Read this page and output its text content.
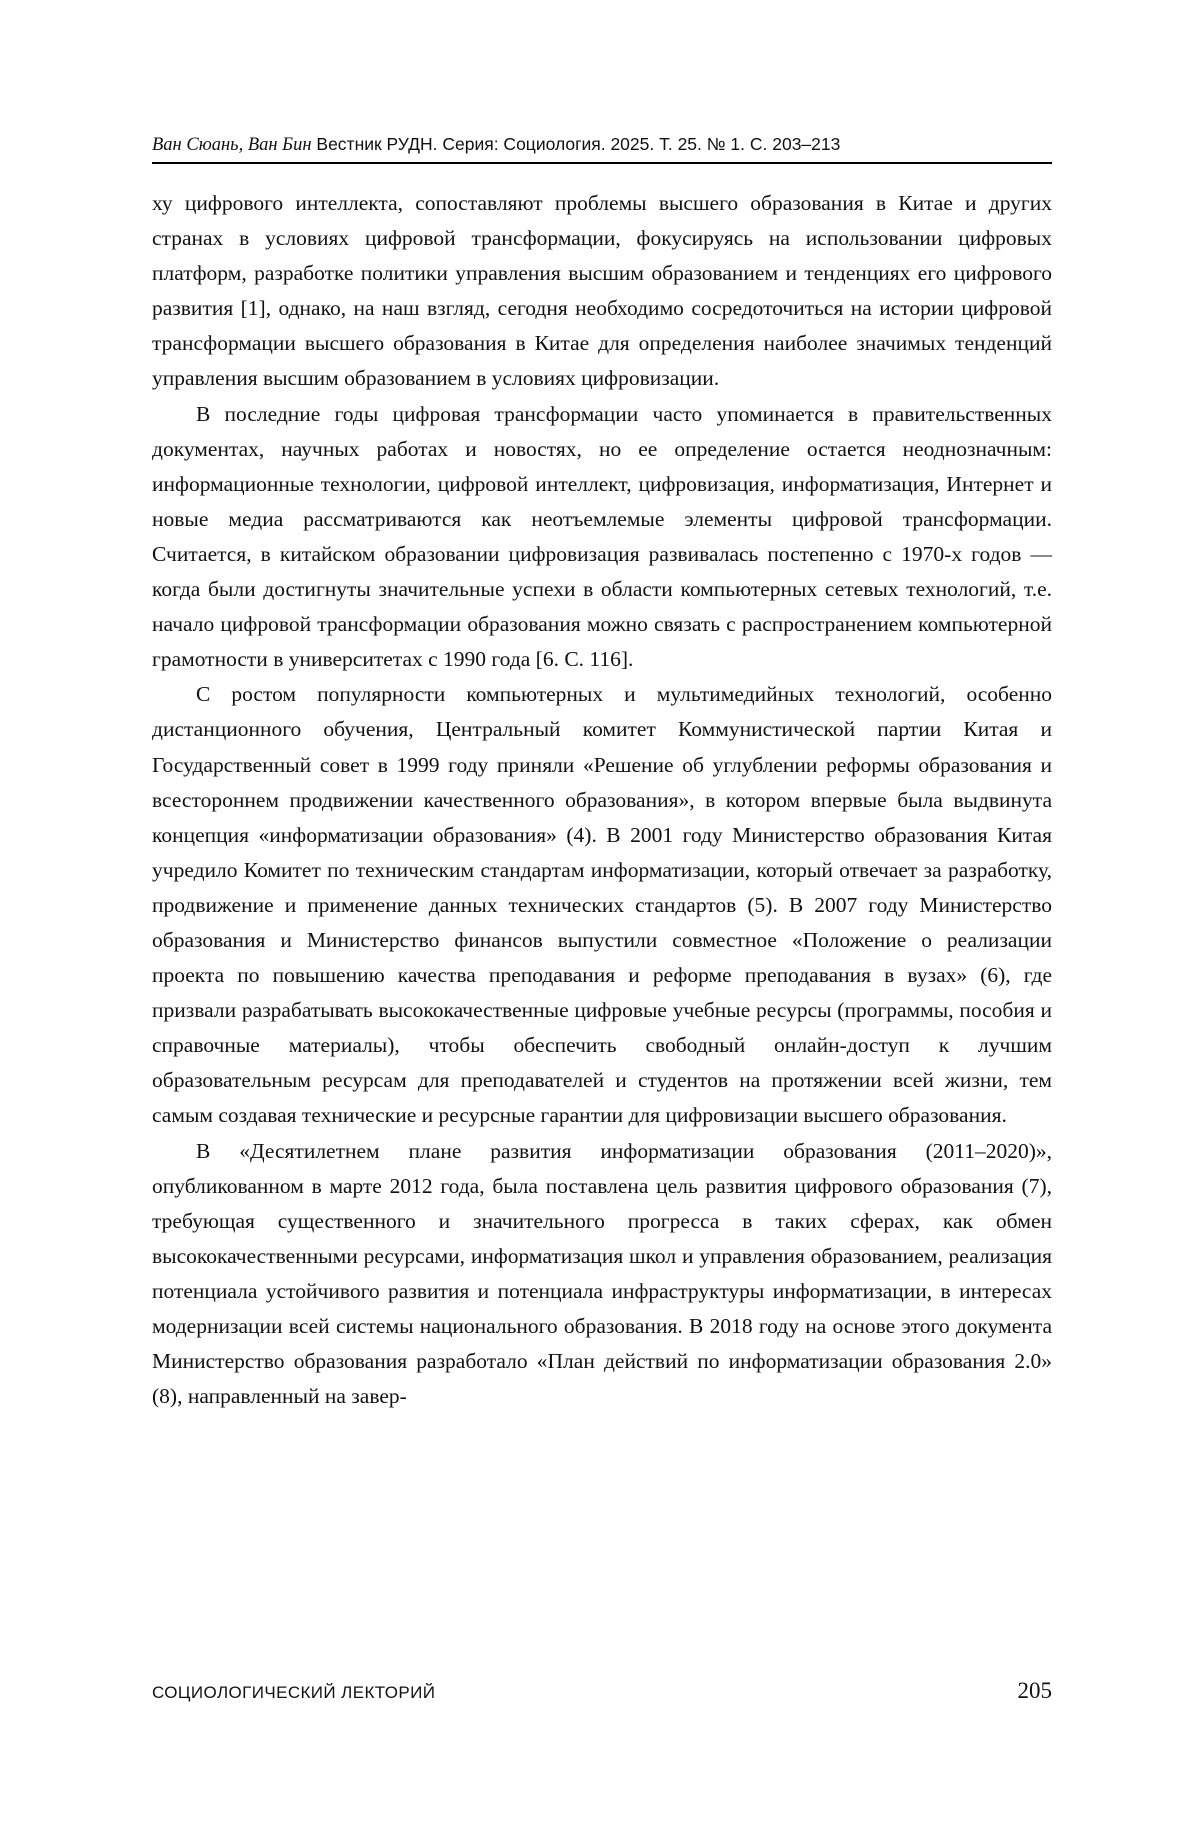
Ван Сюань, Ван Бин Вестник РУДН. Серия: Социология. 2025. Т. 25. № 1. С. 203–213

ху цифрового интеллекта, сопоставляют проблемы высшего образования в Китае и других странах в условиях цифровой трансформации, фокусируясь на использовании цифровых платформ, разработке политики управления высшим образованием и тенденциях его цифрового развития [1], однако, на наш взгляд, сегодня необходимо сосредоточиться на истории цифровой трансформации высшего образования в Китае для определения наиболее значимых тенденций управления высшим образованием в условиях цифровизации.

В последние годы цифровая трансформации часто упоминается в правительственных документах, научных работах и новостях, но ее определение остается неоднозначным: информационные технологии, цифровой интеллект, цифровизация, информатизация, Интернет и новые медиа рассматриваются как неотъемлемые элементы цифровой трансформации. Считается, в китайском образовании цифровизация развивалась постепенно с 1970-х годов — когда были достигнуты значительные успехи в области компьютерных сетевых технологий, т.е. начало цифровой трансформации образования можно связать с распространением компьютерной грамотности в университетах с 1990 года [6. С. 116].

С ростом популярности компьютерных и мультимедийных технологий, особенно дистанционного обучения, Центральный комитет Коммунистической партии Китая и Государственный совет в 1999 году приняли «Решение об углублении реформы образования и всестороннем продвижении качественного образования», в котором впервые была выдвинута концепция «информатизации образования» (4). В 2001 году Министерство образования Китая учредило Комитет по техническим стандартам информатизации, который отвечает за разработку, продвижение и применение данных технических стандартов (5). В 2007 году Министерство образования и Министерство финансов выпустили совместное «Положение о реализации проекта по повышению качества преподавания и реформе преподавания в вузах» (6), где призвали разрабатывать высококачественные цифровые учебные ресурсы (программы, пособия и справочные материалы), чтобы обеспечить свободный онлайн-доступ к лучшим образовательным ресурсам для преподавателей и студентов на протяжении всей жизни, тем самым создавая технические и ресурсные гарантии для цифровизации высшего образования.

В «Десятилетнем плане развития информатизации образования (2011–2020)», опубликованном в марте 2012 года, была поставлена цель развития цифрового образования (7), требующая существенного и значительного прогресса в таких сферах, как обмен высококачественными ресурсами, информатизация школ и управления образованием, реализация потенциала устойчивого развития и потенциала инфраструктуры информатизации, в интересах модернизации всей системы национального образования. В 2018 году на основе этого документа Министерство образования разработало «План действий по информатизации образования 2.0» (8), направленный на завер-

СОЦИОЛОГИЧЕСКИЙ ЛЕКТОРИЙ	205
